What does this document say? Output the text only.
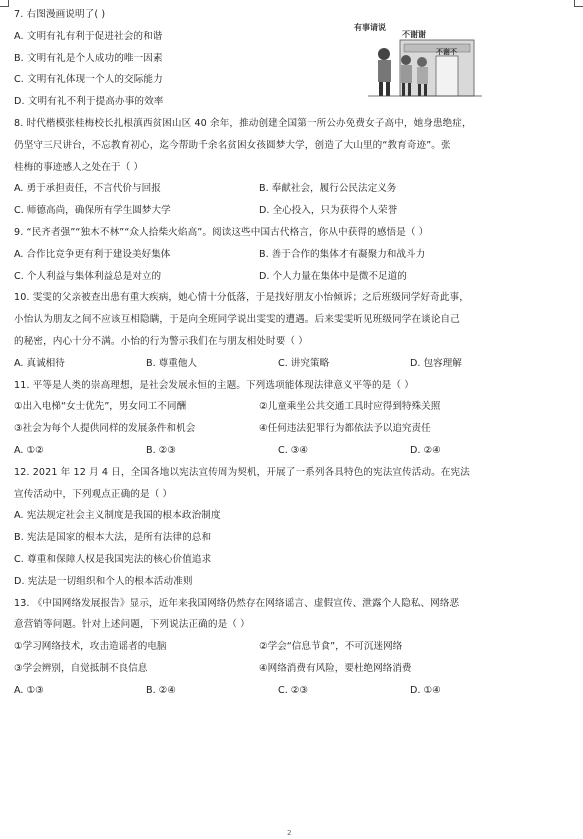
有事请说
不谢谢
不谢不
7. 右图漫画说明了( )
A. 文明有礼有利于促进社会的和谐
B. 文明有礼是个人成功的唯一因素
C. 文明有礼体现一个人的交际能力
D. 文明有礼不利于提高办事的效率
8. 时代楷模张桂梅校长扎根滇西贫困山区 40 余年，推动创建全国第一所公办免费女子高中，她身患绝症，
仍坚守三尺讲台，不忘教育初心，迄今帮助千余名贫困女孩圆梦大学，创造了大山里的“教育奇迹”。张
桂梅的事迹感人之处在于（ ）
A. 勇于承担责任，不言代价与回报	B. 奉献社会，履行公民法定义务
C. 师德高尚，确保所有学生圆梦大学	D. 全心投入，只为获得个人荣誉
9. “民齐者强”“独木不林”“众人拾柴火焰高”。阅读这些中国古代格言，你从中获得的感悟是（ ）
A. 合作比竞争更有利于建设美好集体	B. 善于合作的集体才有凝聚力和战斗力
C. 个人利益与集体利益总是对立的	D. 个人力量在集体中是微不足道的
10. 雯雯的父亲被查出患有重大疾病，她心情十分低落，于是找好朋友小怡倾诉；之后班级同学好奇此事，
小怡认为朋友之间不应该互相隐瞒，于是向全班同学说出雯雯的遭遇。后来雯雯听见班级同学在谈论自己
的秘密，内心十分不满。小怡的行为警示我们在与朋友相处时要（ ）
A. 真诚相待	B. 尊重他人	C. 讲究策略	D. 包容理解
11. 平等是人类的崇高理想，是社会发展永恒的主题。下列选项能体现法律意义平等的是（ ）
①出入电梯“女士优先”，男女同工不同酬	②儿童乘坐公共交通工具时应得到特殊关照
③社会为每个人提供同样的发展条件和机会	④任何违法犯罪行为都依法予以追究责任
A. ①②	B. ②③	C. ③④	D. ②④
12. 2021 年 12 月 4 日，全国各地以宪法宣传周为契机，开展了一系列各具特色的宪法宣传活动。在宪法
宣传活动中，下列观点正确的是（ ）
A. 宪法规定社会主义制度是我国的根本政治制度
B. 宪法是国家的根本大法，是所有法律的总和
C. 尊重和保障人权是我国宪法的核心价值追求
D. 宪法是一切组织和个人的根本活动准则
13. 《中国网络发展报告》显示，近年来我国网络仍然存在网络谣言、虚假宣传、泄露个人隐私、网络恶
意营销等问题。针对上述问题，下列说法正确的是（ ）
①学习网络技术，攻击造谣者的电脑	②学会“信息节食”，不可沉迷网络
③学会辨别，自觉抵制不良信息	④网络消费有风险，要杜绝网络消费
A. ①③	B. ②④	C. ②③	D. ①④
2
